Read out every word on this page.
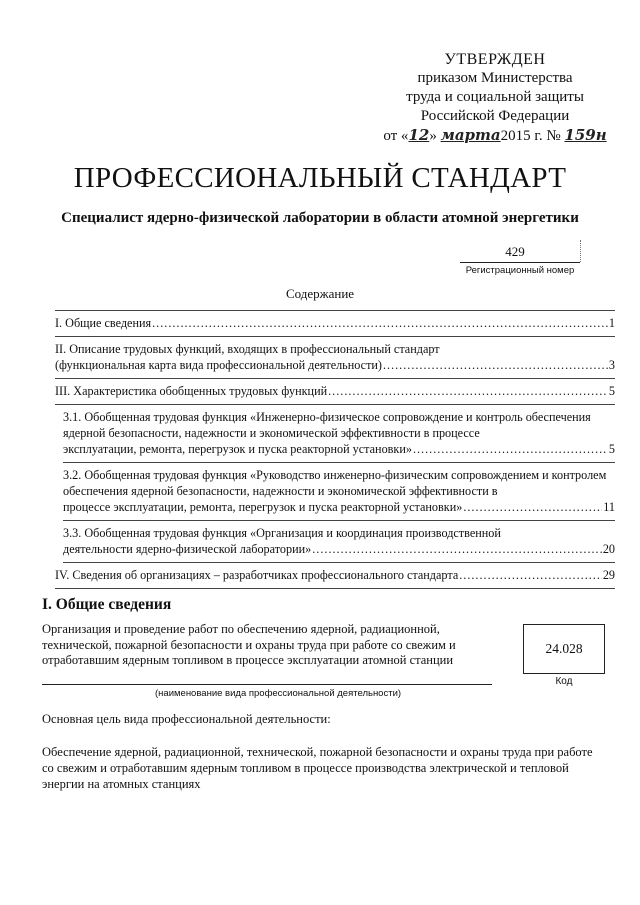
УТВЕРЖДЕН
приказом Министерства
труда и социальной защиты
Российской Федерации
от «12» марта2015 г. № 159н
ПРОФЕССИОНАЛЬНЫЙ СТАНДАРТ
Специалист ядерно-физической лаборатории в области атомной энергетики
429
Регистрационный номер
Содержание
I. Общие сведения .....	1
II. Описание трудовых функций, входящих в профессиональный стандарт
(функциональная карта вида профессиональной деятельности) .....	3
III. Характеристика обобщенных трудовых функций .....	5
3.1. Обобщенная трудовая функция «Инженерно-физическое сопровождение и контроль обеспечения ядерной безопасности, надежности и экономической эффективности в процессе
эксплуатации, ремонта, перегрузок и пуска реакторной установки» .....	5
3.2. Обобщенная трудовая функция «Руководство инженерно-физическим сопровождением и контролем обеспечения ядерной безопасности, надежности и экономической эффективности в
процессе эксплуатации, ремонта, перегрузок и пуска реакторной установки» .....	11
3.3. Обобщенная трудовая функция «Организация и координация производственной
деятельности ядерно-физической лаборатории» .....	20
IV. Сведения об организациях – разработчиках профессионального стандарта .....	29
I. Общие сведения
Организация и проведение работ по обеспечению ядерной, радиационной, технической, пожарной безопасности и охраны труда при работе со свежим и отработавшим ядерным топливом в процессе эксплуатации атомной станции
(наименование вида профессиональной деятельности)
24.028
Код
Основная цель вида профессиональной деятельности:
Обеспечение ядерной, радиационной, технической, пожарной безопасности и охраны труда при работе со свежим и отработавшим ядерным топливом в процессе производства электрической и тепловой энергии на атомных станциях
